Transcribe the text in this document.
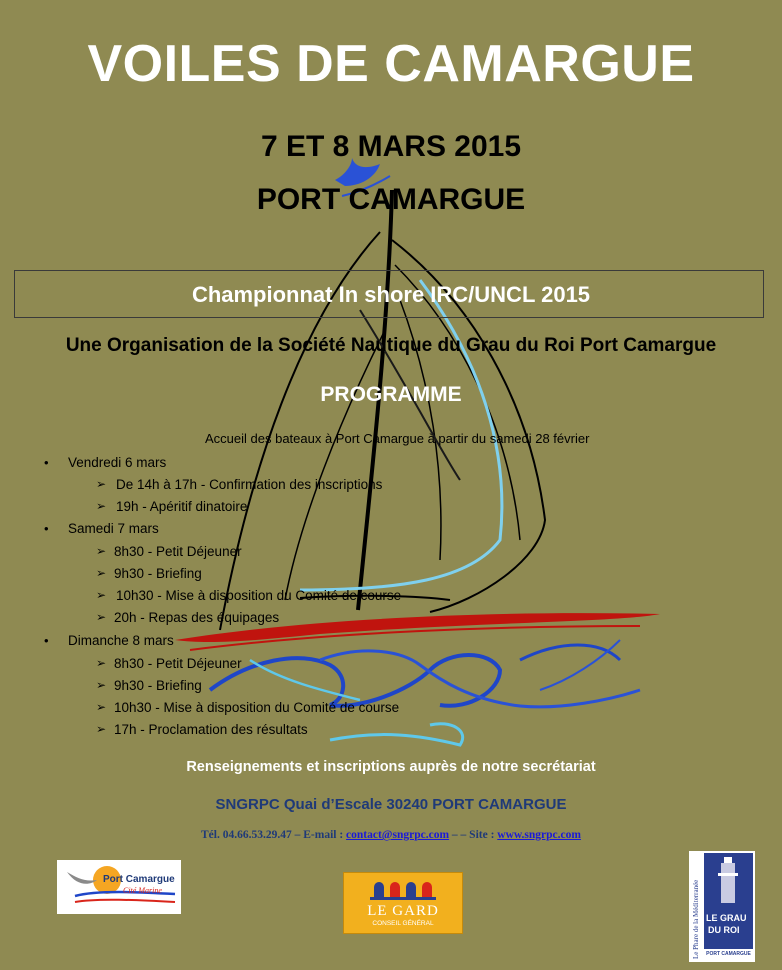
VOILES DE CAMARGUE
7 ET 8 MARS 2015
PORT CAMARGUE
Championnat In shore IRC/UNCL 2015
Une Organisation de la Société Nautique du Grau du Roi Port Camargue
PROGRAMME
Accueil des bateaux à Port Camargue à partir du samedi 28 février
• Vendredi 6 mars
➢ De 14h à 17h - Confirmation des inscriptions
➢ 19h - Apéritif dinatoire
• Samedi 7 mars
➢ 8h30 - Petit Déjeuner
➢ 9h30 - Briefing
➢ 10h30 - Mise à disposition du Comité de course
➢ 20h - Repas des équipages
• Dimanche 8 mars
➢ 8h30 - Petit Déjeuner
➢ 9h30 - Briefing
➢ 10h30 - Mise à disposition du Comité de course
➢ 17h - Proclamation des résultats
Renseignements et inscriptions auprès de notre secrétariat
SNGRPC Quai d’Escale 30240 PORT CAMARGUE
Tél. 04.66.53.29.47 – E-mail : contact@sngrpc.com – – Site : www.sngrpc.com
Port Camargue
Cité Marine
LE GARD
CONSEIL GÉNÉRAL	Le Phare de la Méditerranée LE GRAU
DU ROI
PORT CAMARGUE
